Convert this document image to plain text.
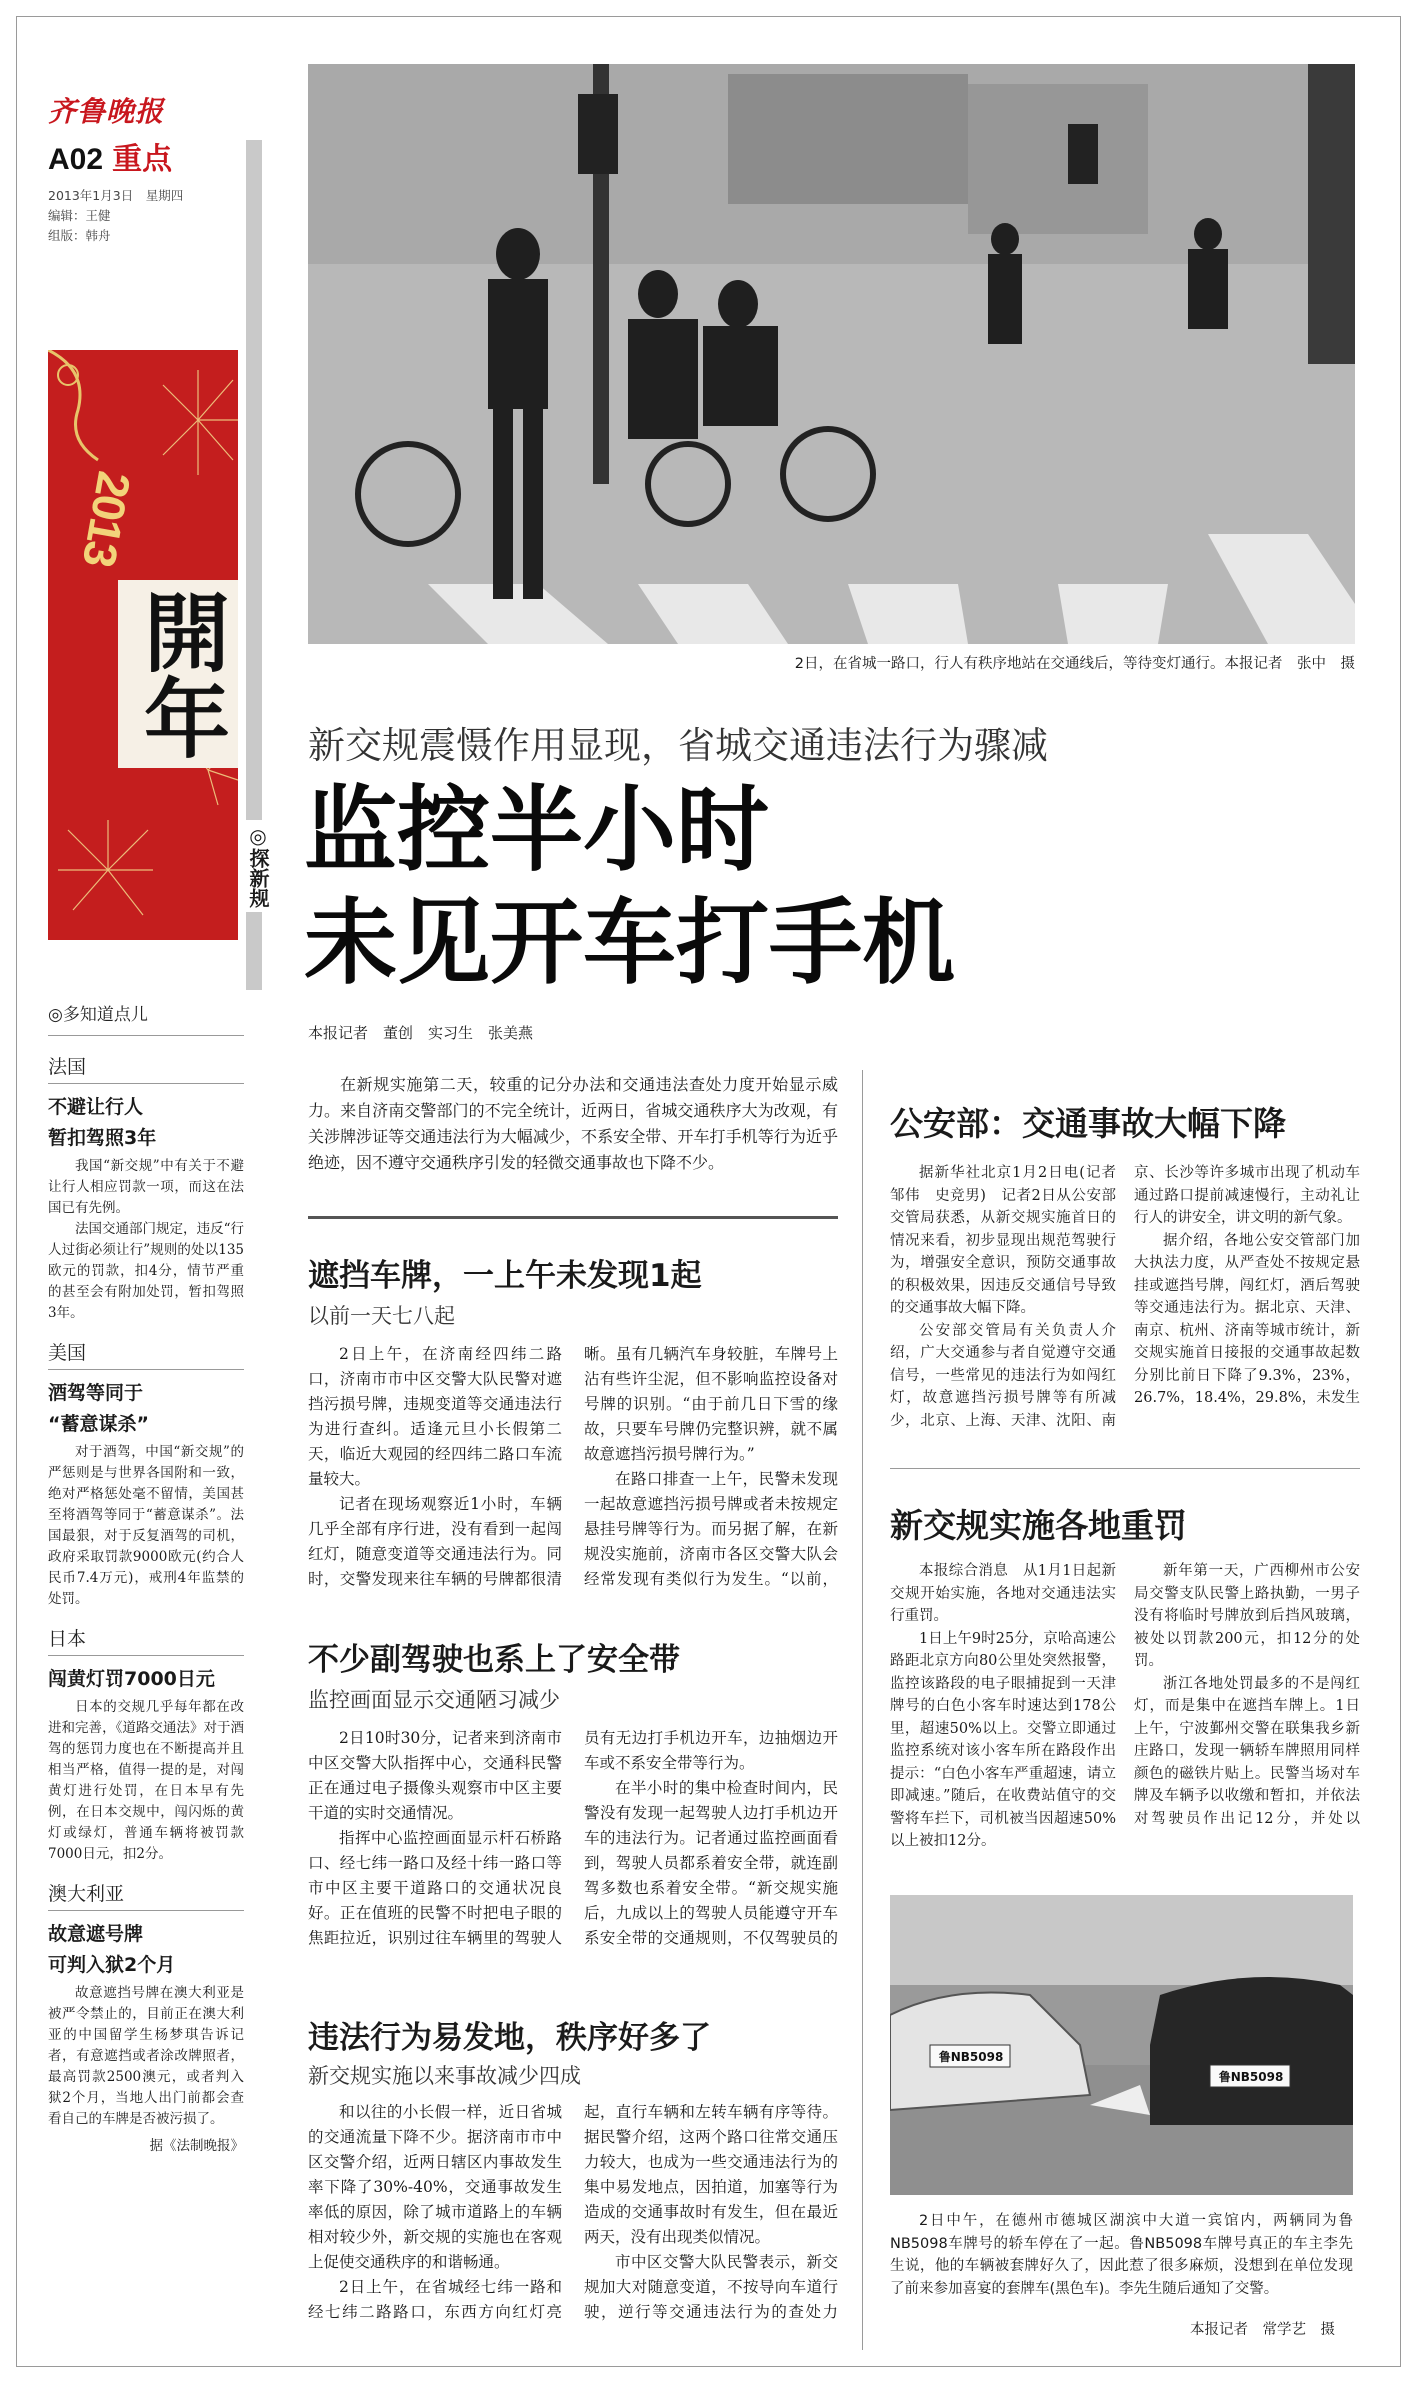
齐鲁晚报
A02 重点
2013年1月3日　星期四
编辑：王健
组版：韩舟
2013
開年
◎探新规
◎多知道点儿
法国
不避让行人
暂扣驾照3年

我国“新交规”中有关于不避让行人相应罚款一项，而这在法国已有先例。

法国交通部门规定，违反“行人过街必须让行”规则的处以135欧元的罚款，扣4分，情节严重的甚至会有附加处罚，暂扣驾照3年。

美国
酒驾等同于
“蓄意谋杀”

对于酒驾，中国“新交规”的严惩则是与世界各国附和一致，绝对严格惩处毫不留情，美国甚至将酒驾等同于“蓄意谋杀”。法国最狠，对于反复酒驾的司机，政府采取罚款9000欧元(约合人民币7.4万元)，戒刑4年监禁的处罚。

日本
闯黄灯罚7000日元

日本的交规几乎每年都在改进和完善，《道路交通法》对于酒驾的惩罚力度也在不断提高并且相当严格，值得一提的是，对闯黄灯进行处罚，在日本早有先例，在日本交规中，闯闪烁的黄灯或绿灯，普通车辆将被罚款7000日元，扣2分。

澳大利亚
故意遮号牌
可判入狱2个月

故意遮挡号牌在澳大利亚是被严令禁止的，目前正在澳大利亚的中国留学生杨梦琪告诉记者，有意遮挡或者涂改牌照者，最高罚款2500澳元，或者判入狱2个月，当地人出门前都会查看自己的车牌是否被污损了。

据《法制晚报》
2日，在省城一路口，行人有秩序地站在交通线后，等待变灯通行。本报记者　张中　摄
新交规震慑作用显现，省城交通违法行为骤减
监控半小时
未见开车打手机
本报记者　董创　实习生　张美燕

在新规实施第二天，较重的记分办法和交通违法查处力度开始显示威力。来自济南交警部门的不完全统计，近两日，省城交通秩序大为改观，有关涉牌涉证等交通违法行为大幅减少，不系安全带、开车打手机等行为近乎绝迹，因不遵守交通秩序引发的轻微交通事故也下降不少。

遮挡车牌，一上午未发现1起
以前一天七八起

2日上午，在济南经四纬二路口，济南市市中区交警大队民警对遮挡污损号牌，违规变道等交通违法行为进行查纠。适逢元旦小长假第二天，临近大观园的经四纬二路口车流量较大。

记者在现场观察近1小时，车辆几乎全部有序行进，没有看到一起闯红灯，随意变道等交通违法行为。同时，交警发现来往车辆的号牌都很清晰。虽有几辆汽车身较脏，车牌号上沾有些许尘泥，但不影响监控设备对号牌的识别。“由于前几日下雪的缘故，只要车号牌仍完整识辨，就不属故意遮挡污损号牌行为。”

在路口排查一上午，民警未发现一起故意遮挡污损号牌或者未按规定悬挂号牌等行为。而另据了解，在新规没实施前，济南市各区交警大队会经常发现有类似行为发生。“以前，

不少副驾驶也系上了安全带
监控画面显示交通陋习减少

2日10时30分，记者来到济南市中区交警大队指挥中心，交通科民警正在通过电子摄像头观察市中区主要干道的实时交通情况。

指挥中心监控画面显示杆石桥路口、经七纬一路口及经十纬一路口等市中区主要干道路口的交通状况良好。正在值班的民警不时把电子眼的焦距拉近，识别过往车辆里的驾驶人员有无边打手机边开车，边抽烟边开车或不系安全带等行为。

在半小时的集中检查时间内，民警没有发现一起驾驶人边打手机边开车的违法行为。记者通过监控画面看到，驾驶人员都系着安全带，就连副驾多数也系着安全带。“新交规实施后，九成以上的驾驶人员能遵守开车系安全带的交通规则，不仅驾驶员的

违法行为易发地，秩序好多了
新交规实施以来事故减少四成

和以往的小长假一样，近日省城的交通流量下降不少。据济南市市中区交警介绍，近两日辖区内事故发生率下降了30%-40%，交通事故发生率低的原因，除了城市道路上的车辆相对较少外，新交规的实施也在客观上促使交通秩序的和谐畅通。

2日上午，在省城经七纬一路和经七纬二路路口，东西方向红灯亮起，直行车辆和左转车辆有序等待。据民警介绍，这两个路口往常交通压力较大，也成为一些交通违法行为的集中易发地点，因拍道，加塞等行为造成的交通事故时有发生，但在最近两天，没有出现类似情况。

市中区交警大队民警表示，新交规加大对随意变道，不按导向车道行驶，逆行等交通违法行为的查处力

公安部：交通事故大幅下降

据新华社北京1月2日电(记者　邹伟　史竞男)　记者2日从公安部交管局获悉，从新交规实施首日的情况来看，初步显现出规范驾驶行为，增强安全意识，预防交通事故的积极效果，因违反交通信号导致的交通事故大幅下降。

公安部交管局有关负责人介绍，广大交通参与者自觉遵守交通信号，一些常见的违法行为如闯红灯，故意遮挡污损号牌等有所减少，北京、上海、天津、沈阳、南京、长沙等许多城市出现了机动车通过路口提前减速慢行，主动礼让行人的讲安全，讲文明的新气象。

据介绍，各地公安交管部门加大执法力度，从严查处不按规定悬挂或遮挡号牌，闯红灯，酒后驾驶等交通违法行为。据北京、天津、南京、杭州、济南等城市统计，新交规实施首日接报的交通事故起数分别比前日下降了9.3%，23%，26.7%，18.4%，29.8%，未发生

新交规实施各地重罚

本报综合消息　从1月1日起新交规开始实施，各地对交通违法实行重罚。

1日上午9时25分，京哈高速公路距北京方向80公里处突然报警，监控该路段的电子眼捕捉到一天津牌号的白色小客车时速达到178公里，超速50%以上。交警立即通过监控系统对该小客车所在路段作出提示：“白色小客车严重超速，请立即减速。”随后，在收费站值守的交警将车拦下，司机被当因超速50%以上被扣12分。

新年第一天，广西柳州市公安局交警支队民警上路执勤，一男子没有将临时号牌放到后挡风玻璃，被处以罚款200元，扣12分的处罚。

浙江各地处罚最多的不是闯红灯，而是集中在遮挡车牌上。1日上午，宁波鄞州交警在联集我乡新庄路口，发现一辆轿车牌照用同样颜色的磁铁片贴上。民警当场对车牌及车辆予以收缴和暂扣，并依法对驾驶员作出记12分，并处以

鲁NB5098
鲁NB5098

2日中午，在德州市德城区湖滨中大道一宾馆内，两辆同为鲁NB5098车牌号的轿车停在了一起。鲁NB5098车牌号真正的车主李先生说，他的车辆被套牌好久了，因此惹了很多麻烦，没想到在单位发现了前来参加喜宴的套牌车(黑色车)。李先生随后通知了交警。

本报记者　常学艺　摄
